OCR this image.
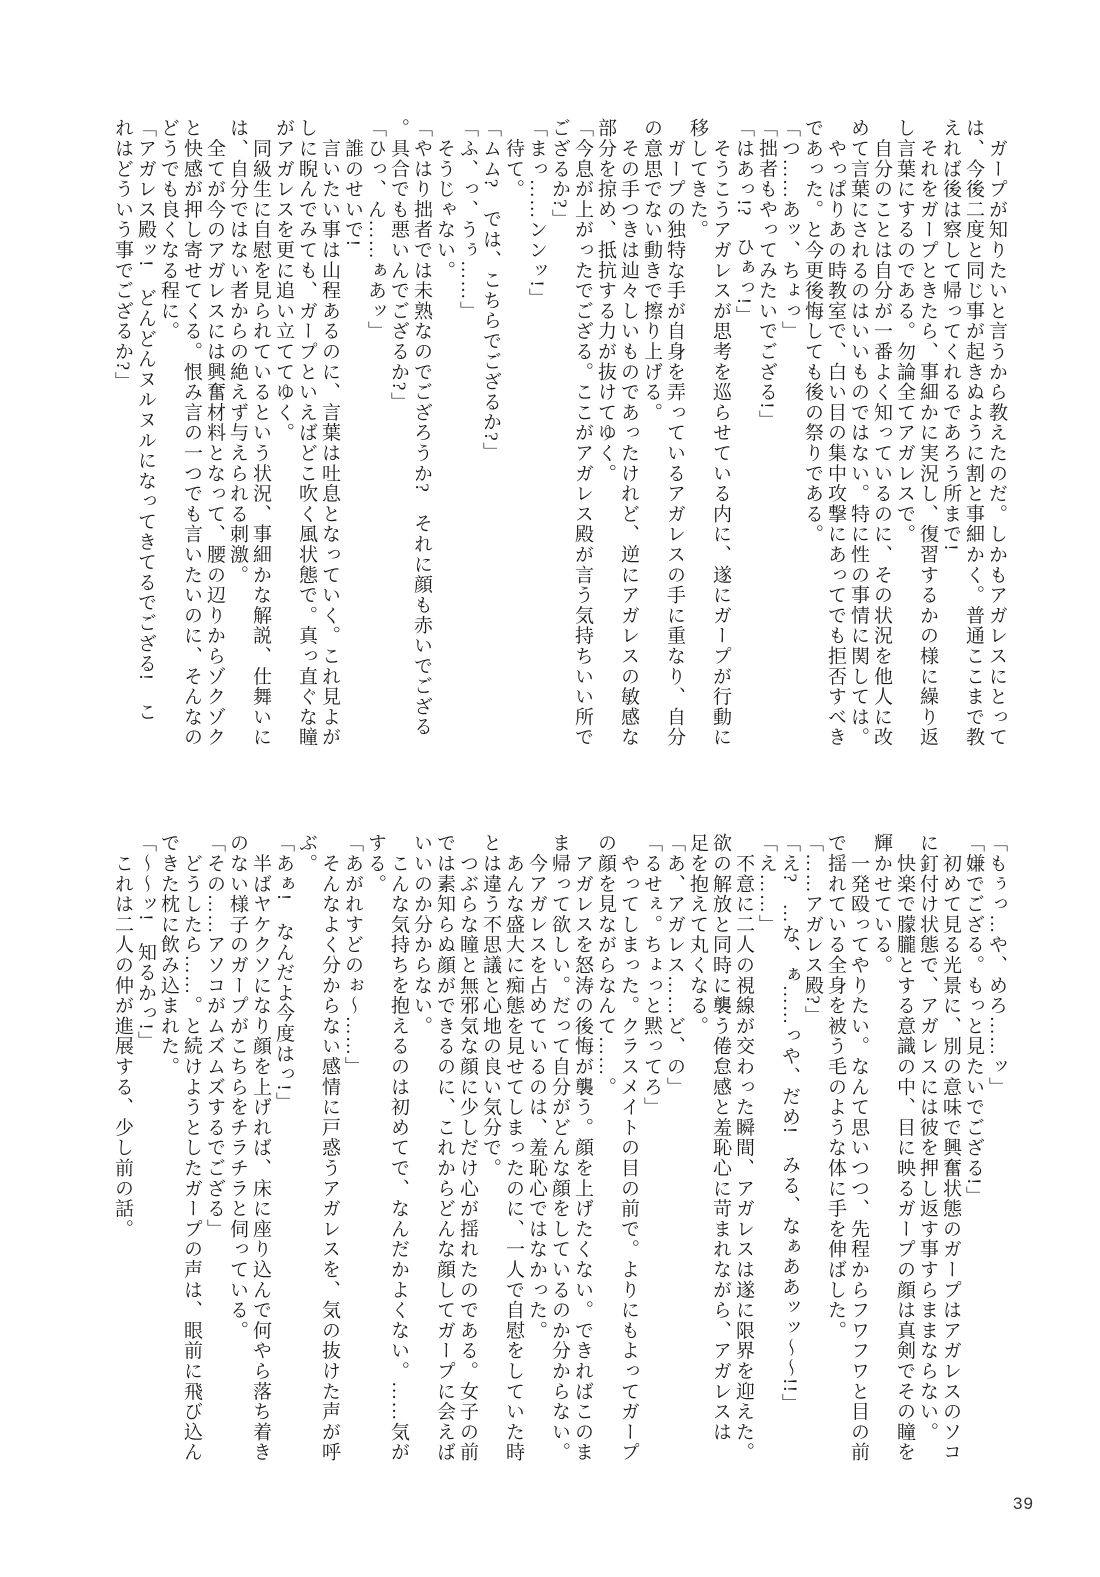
　ガープが知りたいと言うから教えたのだ。しかもアガレスにとって

は、今後二度と同じ事が起きぬように割と事細かく。普通ここまで教

えれば後は察して帰ってくれるであろう所まで!

　それをガープときたら、事細かに実況し、復習するかの様に繰り返

し言葉にするのである。勿論全てアガレスで。

　自分のことは自分が一番よく知っているのに、その状況を他人に改

めて言葉にされるのはいいものではない。特に性の事情に関しては。

　やっぱりあの時教室で、白い目の集中攻撃にあってでも拒否すべき

であった。と今更後悔しても後の祭りである。

「つ……あッ、ちょっ」

「拙者もやってみたいでござる!」

「はあっ!?　ひぁっ!」

　そうこうアガレスが思考を巡らせている内に、遂にガープが行動に

移してきた。

　ガープの独特な手が自身を弄っているアガレスの手に重なり、自分

の意思でない動きで擦り上げる。

　その手つきは辿々しいものであったけれど、逆にアガレスの敏感な

部分を掠め、抵抗する力が抜けてゆく。

「今息が上がったでござる。ここがアガレス殿が言う気持ちいい所で

ござるか?」

「まっ……ンンッ!」

　待て。

「ムム?　では、こちらでござるか?」

「ふ、っ、うぅ……」

　そうじゃない。

「やはり拙者では未熟なのでござろうか?　それに顔も赤いでござる

。具合でも悪いんでござるか?」

「ひっ、ん……ぁあッ」

　誰のせいで!

　言いたい事は山程あるのに、言葉は吐息となっていく。これ見よが

しに睨んでみても、ガープといえばどこ吹く風状態で。真っ直ぐな瞳

がアガレスを更に追い立ててゆく。

　同級生に自慰を見られているという状況、事細かな解説、仕舞いに

は、自分ではない者からの絶えず与えられる刺激。

　全てが今のアガレスには興奮材料となって、腰の辺りからゾクゾク

と快感が押し寄せてくる。恨み言の一つでも言いたいのに、そんなの

どうでも良くなる程に。

「アガレス殿ッ!　どんどんヌルヌルになってきてるでござる!　こ

れはどういう事でござるか?」

「もぅっ…や、めろ……ッ」

「嫌でござる。もっと見たいでござる!」

　初めて見る光景に、別の意味で興奮状態のガープはアガレスのソコ

に釘付け状態で、アガレスには彼を押し返す事すらままならない。

　快楽で朦朧とする意識の中、目に映るガープの顔は真剣でその瞳を

輝かせている。

　一発殴ってやりたい。なんて思いつつ、先程からフワフワと目の前

で揺れている全身を被う毛のような体に手を伸ばした。

「……アガレス殿?」

「え?　…な、ぁ……っや、だめ!　みる、なぁああッッ〜〜!!」

「え……」

　不意に二人の視線が交わった瞬間、アガレスは遂に限界を迎えた。

欲の解放と同時に襲う倦怠感と羞恥心に苛まれながら、アガレスは

足を抱えて丸くなる。

「あ、アガレス……ど、の」

「るせぇ。ちょっと黙ってろ」

　やってしまった。クラスメイトの目の前で。よりにもよってガープ

の顔を見ながらなんて……。

　アガレスを怒涛の後悔が襲う。顔を上げたくない。できればこのま

ま帰って欲しい。だって自分がどんな顔をしているのか分からない。

　今アガレスを占めているのは、羞恥心ではなかった。

　あんな盛大に痴態を見せてしまったのに、一人で自慰をしていた時

とは違う不思議と心地の良い気分で。

　つぶらな瞳と無邪気な顔に少しだけ心が揺れたのである。女子の前

では素知らぬ顔ができるのに、これからどんな顔してガープに会えば

いいのか分からない。

　こんな気持ちを抱えるのは初めてで、なんだかよくない。……気が

する。

「あがれすどのぉ〜……」

　そんなよく分からない感情に戸惑うアガレスを、気の抜けた声が呼

ぶ。

「あぁ!　なんだよ今度はっ!」

　半ばヤケクソになり顔を上げれば、床に座り込んで何やら落ち着き

のない様子のガープがこちらをチラチラと伺っている。

「その……アソコがムズムズするでござる」

　どうしたら……。と続けようとしたガープの声は、眼前に飛び込ん

できた枕に飲み込まれた。

「〜〜ッ!　知るかっ!」

　これは二人の仲が進展する、少し前の話。

39
